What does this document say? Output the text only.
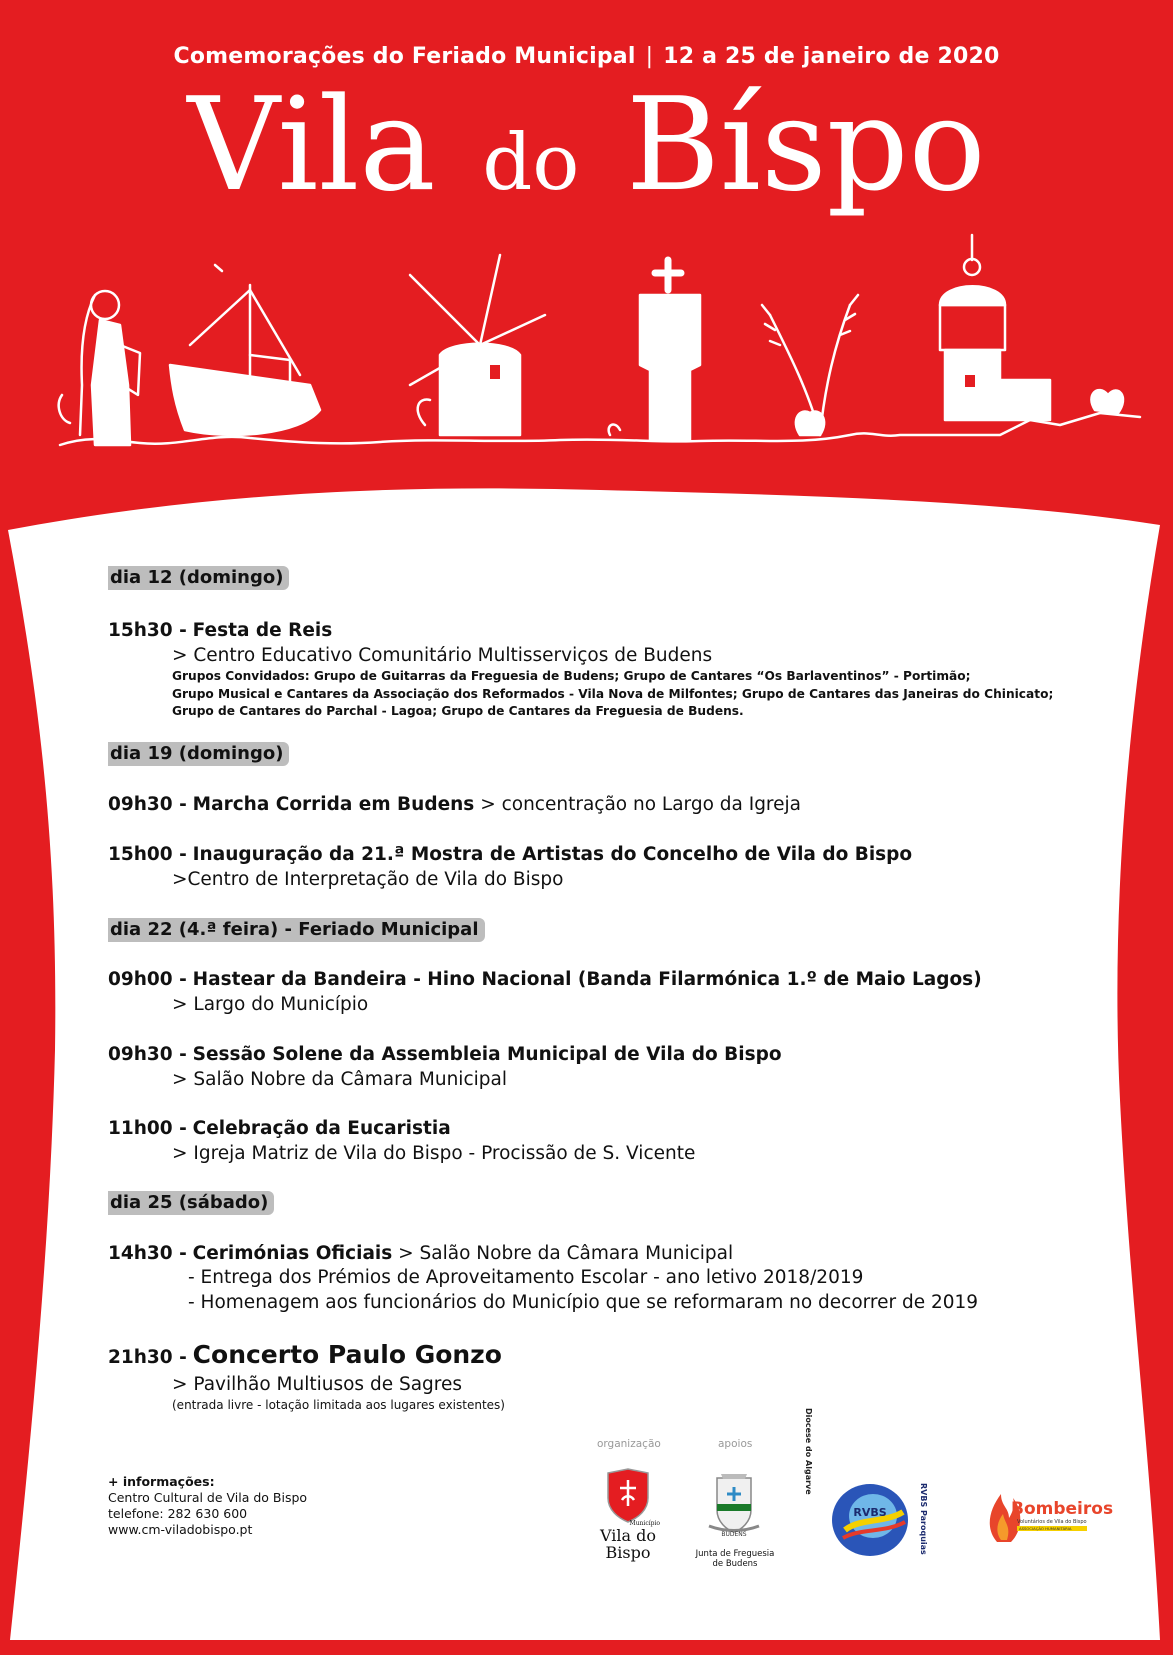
Comemorações do Feriado Municipal | 12 a 25 de janeiro de 2020
Vila do Bíspo
dia 12 (domingo)
15h30 - Festa de Reis
> Centro Educativo Comunitário Multisserviços de Budens
Grupos Convidados: Grupo de Guitarras da Freguesia de Budens; Grupo de Cantares “Os Barlaventinos” - Portimão;
Grupo Musical e Cantares da Associação dos Reformados - Vila Nova de Milfontes; Grupo de Cantares das Janeiras do Chinicato;
Grupo de Cantares do Parchal - Lagoa; Grupo de Cantares da Freguesia de Budens.
dia 19 (domingo)
09h30 - Marcha Corrida em Budens > concentração no Largo da Igreja
15h00 - Inauguração da 21.ª Mostra de Artistas do Concelho de Vila do Bispo
>Centro de Interpretação de Vila do Bispo
dia 22 (4.ª feira) - Feriado Municipal
09h00 - Hastear da Bandeira - Hino Nacional (Banda Filarmónica 1.º de Maio Lagos)
> Largo do Município
09h30 - Sessão Solene da Assembleia Municipal de Vila do Bispo
> Salão Nobre da Câmara Municipal
11h00 - Celebração da Eucaristia
> Igreja Matriz de Vila do Bispo - Procissão de S. Vicente
dia 25 (sábado)
14h30 - Cerimónias Oficiais > Salão Nobre da Câmara Municipal
- Entrega dos Prémios de Aproveitamento Escolar - ano letivo 2018/2019
- Homenagem aos funcionários do Município que se reformaram no decorrer de 2019
21h30 - Concerto Paulo Gonzo
> Pavilhão Multiusos de Sagres
(entrada livre - lotação limitada aos lugares existentes)
+ informações:
Centro Cultural de Vila do Bispo
telefone: 282 630 600
www.cm-viladobispo.pt
organização	apoios
Município
Vila do
Bispo
BUDENS
Junta de Freguesia
de Budens
Diocese do Algarve
RVBS	RVBS Paroquias	Bombeiros
Voluntários de Vila do Bispo
ASSOCIAÇÃO HUMANITÁRIA
